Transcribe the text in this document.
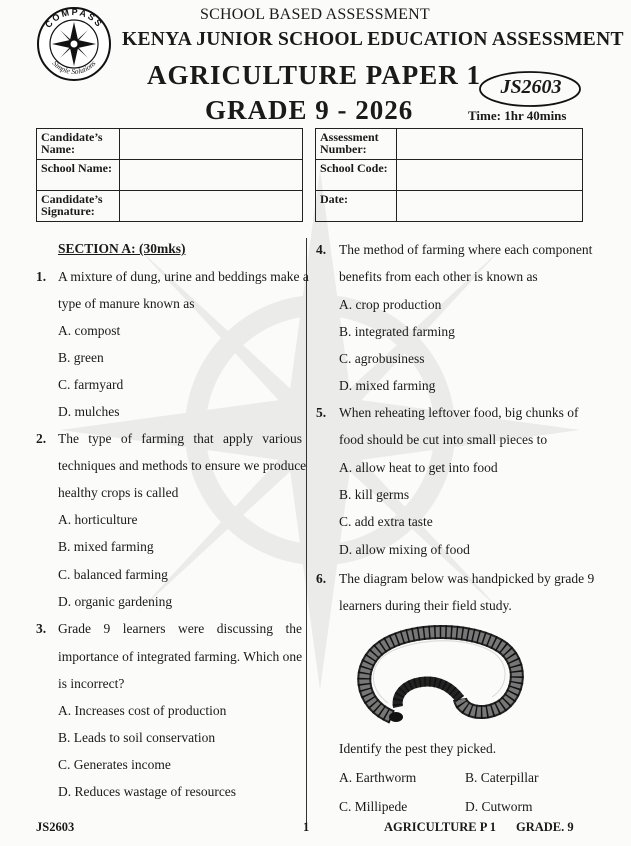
COMPASS
Simple Solutions
SCHOOL BASED ASSESSMENT
KENYA JUNIOR SCHOOL EDUCATION ASSESSMENT
AGRICULTURE PAPER 1
GRADE 9 - 2026
JS2603
Time: 1hr 40mins
Candidate’s Name:	
School Name:	
Candidate’s Signature:	
Assessment Number:	
School Code:	
Date:	
SECTION A: (30mks)
1. A mixture of dung, urine and beddings make a
type of manure known as
A. compost
B. green
C. farmyard
D. mulches
2. The type of farming that apply various
techniques and methods to ensure we produce
healthy crops is called
A. horticulture
B. mixed farming
C. balanced farming
D. organic gardening
3. Grade 9 learners were discussing the
importance of integrated farming. Which one
is incorrect?
A. Increases cost of production
B. Leads to soil conservation
C. Generates income
D. Reduces wastage of resources
4. The method of farming where each component
benefits from each other is known as
A. crop production
B. integrated farming
C. agrobusiness
D. mixed farming
5. When reheating leftover food, big chunks of
food should be cut into small pieces to
A. allow heat to get into food
B. kill germs
C. add extra taste
D. allow mixing of food
6. The diagram below was handpicked by grade 9
learners during their field study.
Identify the pest they picked.
A. Earthworm	B. Caterpillar
C. Millipede	D. Cutworm
JS2603	1	AGRICULTURE P 1 GRADE. 9
